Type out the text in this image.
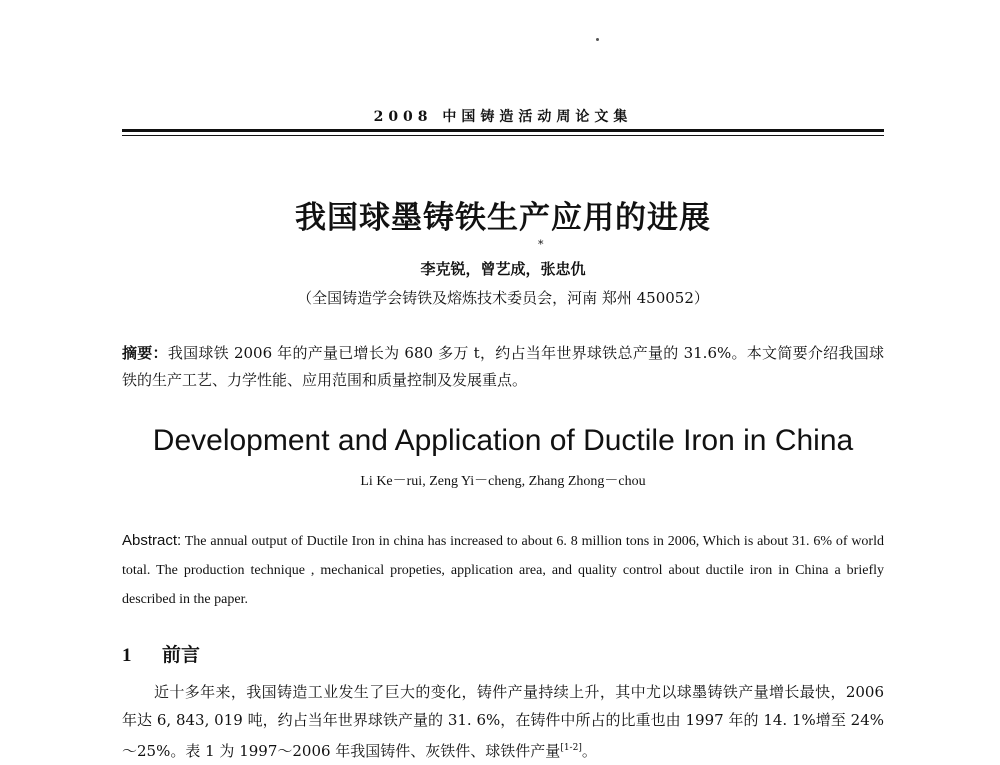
2008 中国铸造活动周论文集
我国球墨铸铁生产应用的进展
*
李克锐，曾艺成，张忠仇
（全国铸造学会铸铁及熔炼技术委员会，河南 郑州 450052）
摘要：我国球铁 2006 年的产量已增长为 680 多万 t，约占当年世界球铁总产量的 31.6%。本文简要介绍我国球铁的生产工艺、力学性能、应用范围和质量控制及发展重点。
Development and Application of Ductile Iron in China
Li Ke－rui, Zeng Yi－cheng, Zhang Zhong－chou
Abstract: The annual output of Ductile Iron in china has increased to about 6. 8 million tons in 2006, Which is about 31. 6% of world total. The production technique , mechanical propeties, application area, and quality control about ductile iron in China a briefly described in the paper.
1 前言
近十多年来，我国铸造工业发生了巨大的变化，铸件产量持续上升，其中尤以球墨铸铁产量增长最快，2006 年达 6, 843, 019 吨，约占当年世界球铁产量的 31. 6%，在铸件中所占的比重也由 1997 年的 14. 1%增至 24% ～25%。表 1 为 1997～2006 年我国铸件、灰铁件、球铁件产量[1-2]。
